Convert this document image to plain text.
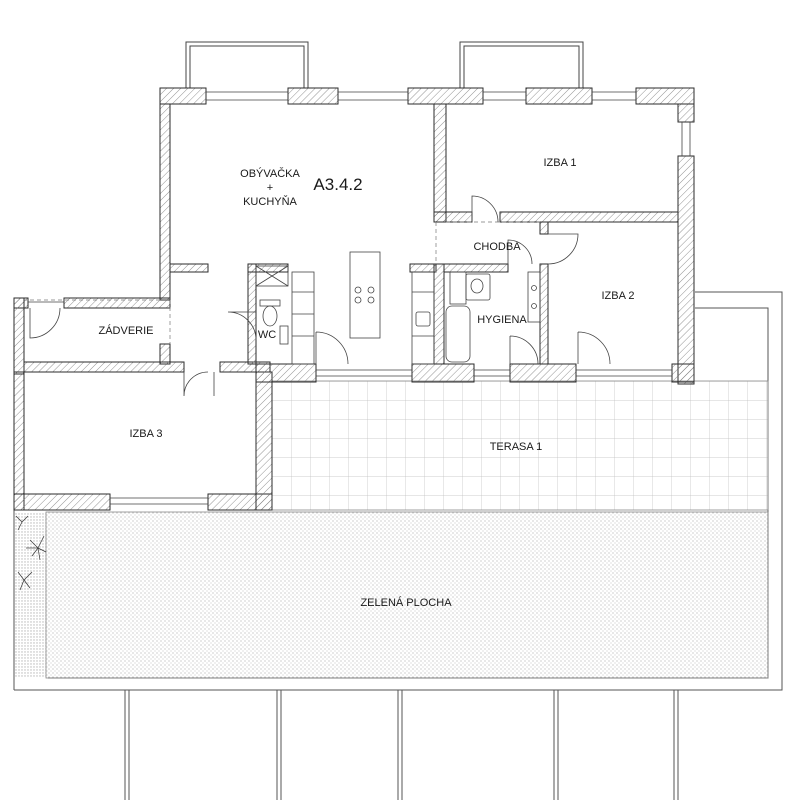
OBÝVAČKA
+
KUCHYŇA
A3.4.2
IZBA 1
CHODBA
IZBA 2
ZÁDVERIE	WC
HYGIENA
IZBA 3
TERASA 1
ZELENÁ PLOCHA
